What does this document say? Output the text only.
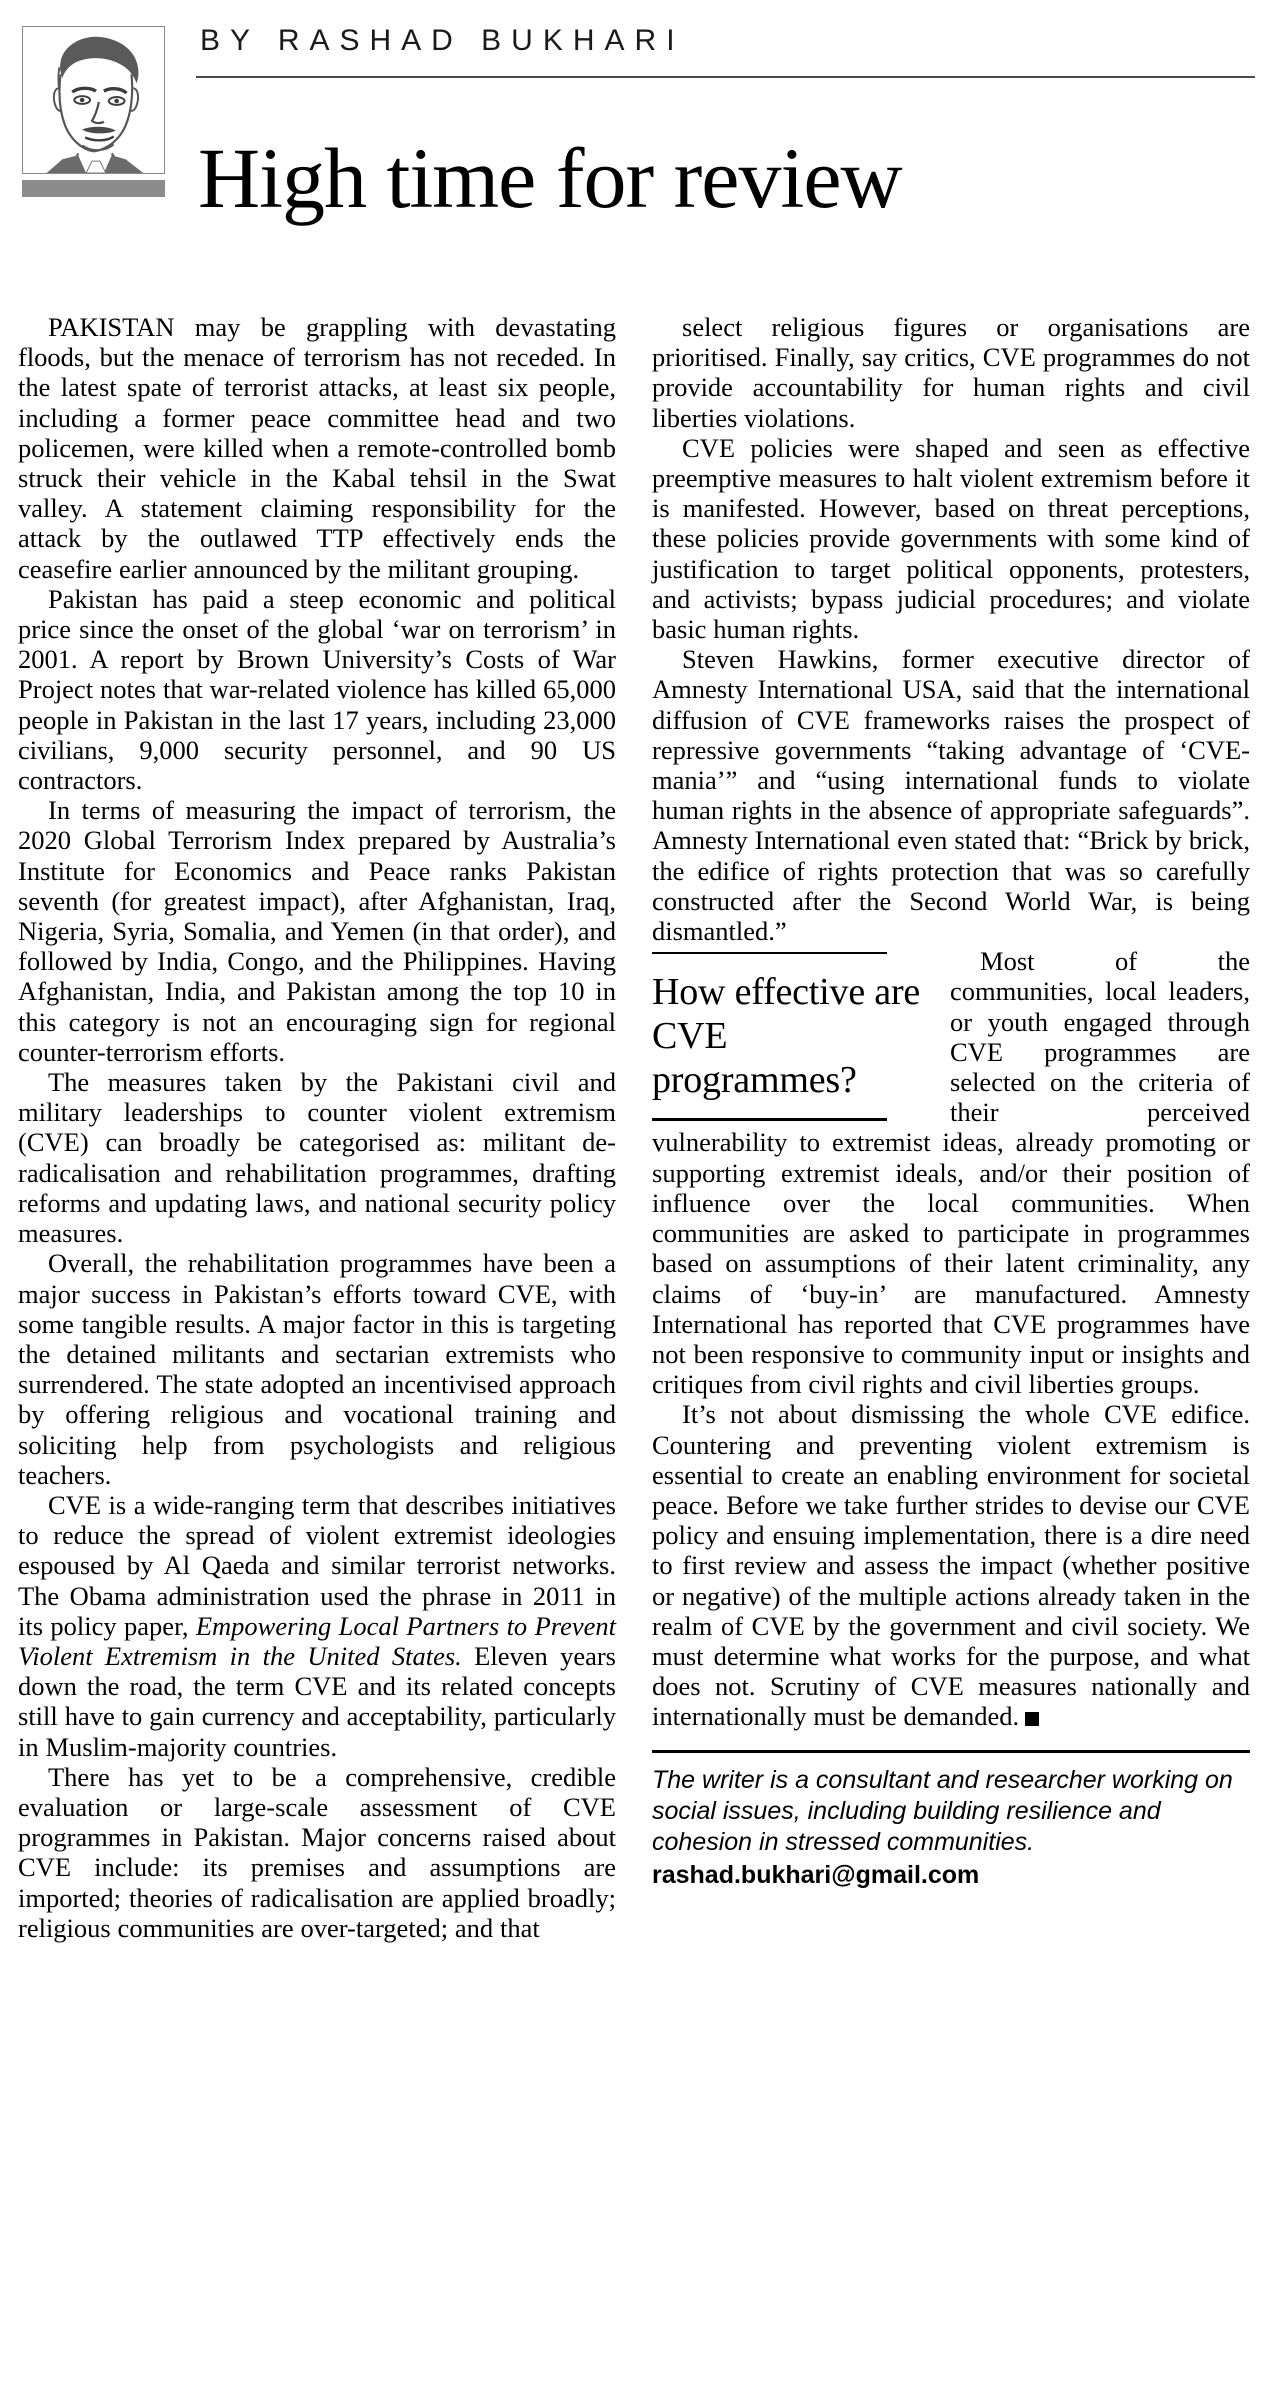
BY RASHAD BUKHARI
High time for review

PAKISTAN may be grappling with devastating floods, but the menace of terrorism has not receded. In the latest spate of terrorist attacks, at least six people, including a former peace committee head and two policemen, were killed when a remote-controlled bomb struck their vehicle in the Kabal tehsil in the Swat valley. A statement claiming responsibility for the attack by the outlawed TTP effectively ends the ceasefire earlier announced by the militant grouping.

Pakistan has paid a steep economic and political price since the onset of the global ‘war on terrorism’ in 2001. A report by Brown University’s Costs of War Project notes that war-related violence has killed 65,000 people in Pakistan in the last 17 years, including 23,000 civilians, 9,000 security personnel, and 90 US contractors.

In terms of measuring the impact of terrorism, the 2020 Global Terrorism Index prepared by Australia’s Institute for Economics and Peace ranks Pakistan seventh (for greatest impact), after Afghanistan, Iraq, Nigeria, Syria, Somalia, and Yemen (in that order), and followed by India, Congo, and the Philippines. Having Afghanistan, India, and Pakistan among the top 10 in this category is not an encouraging sign for regional counter-terrorism efforts.

The measures taken by the Pakistani civil and military leaderships to counter violent extremism (CVE) can broadly be categorised as: militant de-radicalisation and rehabilitation programmes, drafting reforms and updating laws, and national security policy measures.

Overall, the rehabilitation programmes have been a major success in Pakistan’s efforts toward CVE, with some tangible results. A major factor in this is targeting the detained militants and sectarian extremists who surrendered. The state adopted an incentivised approach by offering religious and vocational training and soliciting help from psychologists and religious teachers.

CVE is a wide-ranging term that describes initiatives to reduce the spread of violent extremist ideologies espoused by Al Qaeda and similar terrorist networks. The Obama administration used the phrase in 2011 in its policy paper, Empowering Local Partners to Prevent Violent Extremism in the United States. Eleven years down the road, the term CVE and its related concepts still have to gain currency and acceptability, particularly in Muslim-majority countries.

There has yet to be a comprehensive, credible evaluation or large-scale assessment of CVE programmes in Pakistan. Major concerns raised about CVE include: its premises and assumptions are imported; theories of radicalisation are applied broadly; religious communities are over-targeted; and that

select religious figures or organisations are prioritised. Finally, say critics, CVE programmes do not provide accountability for human rights and civil liberties violations.

CVE policies were shaped and seen as effective preemptive measures to halt violent extremism before it is manifested. However, based on threat perceptions, these policies provide governments with some kind of justification to target political opponents, protesters, and activists; bypass judicial procedures; and violate basic human rights.

Steven Hawkins, former executive director of Amnesty International USA, said that the international diffusion of CVE frameworks raises the prospect of repressive governments “taking advantage of ‘CVE-mania’” and “using international funds to violate human rights in the absence of appropriate safeguards”. Amnesty International even stated that: “Brick by brick, the edifice of rights protection that was so carefully constructed after the Second World War, is being dismantled.”

How effective are CVE programmes?

Most of the communities, local leaders, or youth engaged through CVE programmes are selected on the criteria of their perceived vulnerability to extremist ideas, already promoting or supporting extremist ideals, and/or their position of influence over the local communities. When communities are asked to participate in programmes based on assumptions of their latent criminality, any claims of ‘buy-in’ are manufactured. Amnesty International has reported that CVE programmes have not been responsive to community input or insights and critiques from civil rights and civil liberties groups.

It’s not about dismissing the whole CVE edifice. Countering and preventing violent extremism is essential to create an enabling environment for societal peace. Before we take further strides to devise our CVE policy and ensuing implementation, there is a dire need to first review and assess the impact (whether positive or negative) of the multiple actions already taken in the realm of CVE by the government and civil society. We must determine what works for the purpose, and what does not. Scrutiny of CVE measures nationally and internationally must be demanded.

The writer is a consultant and researcher working on social issues, including building resilience and cohesion in stressed communities.
rashad.bukhari@gmail.com
